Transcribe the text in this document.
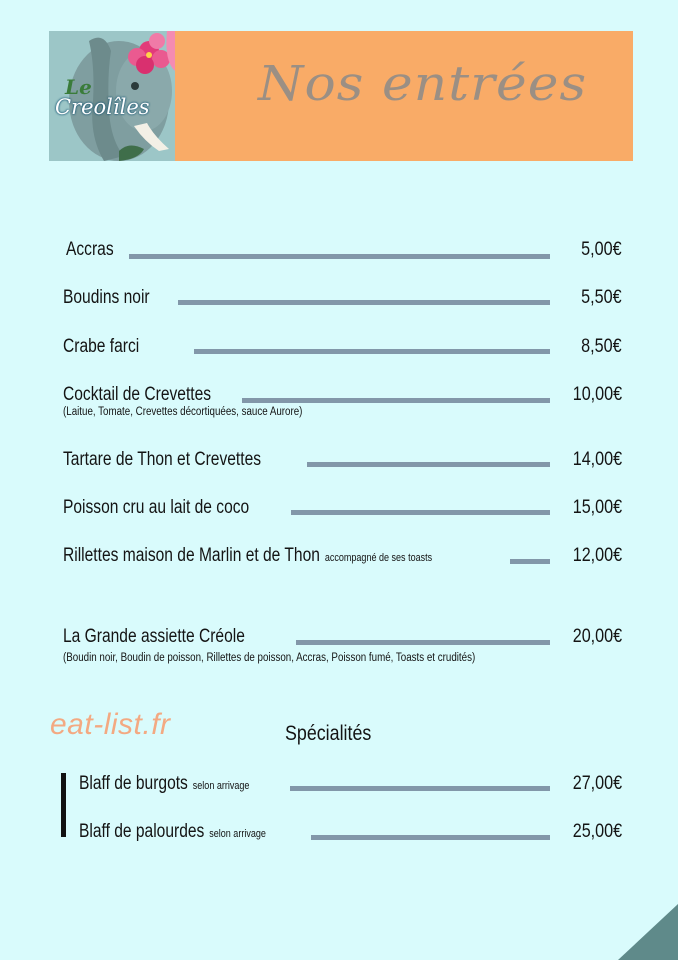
Le
Creolîles Nos entrées
Accras	5,00€
Boudins noir	5,50€
Crabe farci	8,50€
Cocktail de Crevettes	10,00€
(Laitue, Tomate, Crevettes décortiquées, sauce Aurore)
Tartare de Thon et Crevettes	14,00€
Poisson cru au lait de coco	15,00€
Rillettes maison de Marlin et de Thon accompagné de ses toasts	12,00€
La Grande assiette Créole	20,00€
(Boudin noir, Boudin de poisson, Rillettes de poisson, Accras, Poisson fumé, Toasts et crudités)
eat-list.fr	Spécialités
Blaff de burgots selon arrivage	27,00€
Blaff de palourdes selon arrivage	25,00€
